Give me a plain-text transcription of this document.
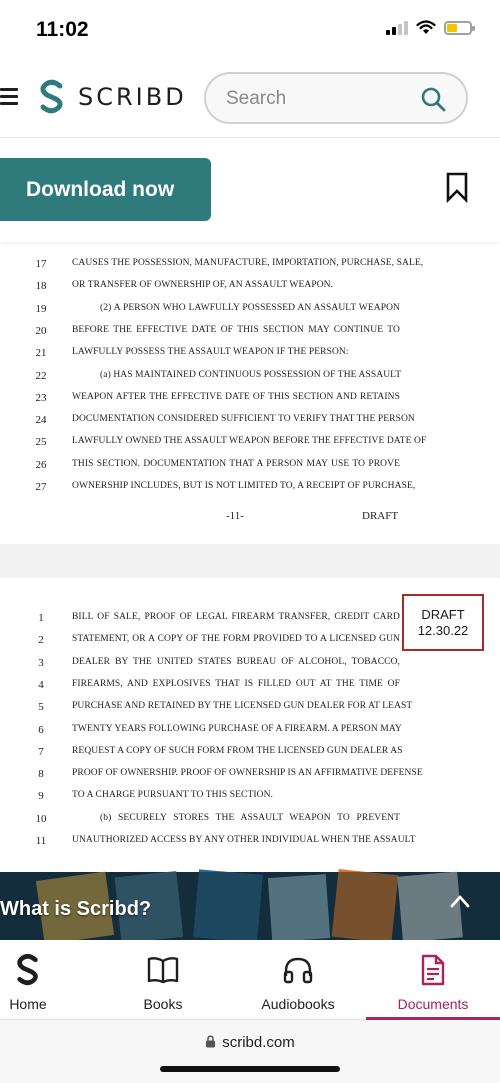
11:02
SCRIBD Search
Download now
17	CAUSES THE POSSESSION, MANUFACTURE, IMPORTATION, PURCHASE, SALE,
18	OR TRANSFER OF OWNERSHIP OF, AN ASSAULT WEAPON.
19	(2) A PERSON WHO LAWFULLY POSSESSED AN ASSAULT WEAPON
20	BEFORE THE EFFECTIVE DATE OF THIS SECTION MAY CONTINUE TO
21	LAWFULLY POSSESS THE ASSAULT WEAPON IF THE PERSON:
22	(a) HAS MAINTAINED CONTINUOUS POSSESSION OF THE ASSAULT
23	WEAPON AFTER THE EFFECTIVE DATE OF THIS SECTION AND RETAINS
24	DOCUMENTATION CONSIDERED SUFFICIENT TO VERIFY THAT THE PERSON
25	LAWFULLY OWNED THE ASSAULT WEAPON BEFORE THE EFFECTIVE DATE OF
26	THIS SECTION. DOCUMENTATION THAT A PERSON MAY USE TO PROVE
27	OWNERSHIP INCLUDES, BUT IS NOT LIMITED TO, A RECEIPT OF PURCHASE,
-11-	DRAFT
DRAFT
12.30.22
1	BILL OF SALE, PROOF OF LEGAL FIREARM TRANSFER, CREDIT CARD
2	STATEMENT, OR A COPY OF THE FORM PROVIDED TO A LICENSED GUN
3	DEALER BY THE UNITED STATES BUREAU OF ALCOHOL, TOBACCO,
4	FIREARMS, AND EXPLOSIVES THAT IS FILLED OUT AT THE TIME OF
5	PURCHASE AND RETAINED BY THE LICENSED GUN DEALER FOR AT LEAST
6	TWENTY YEARS FOLLOWING PURCHASE OF A FIREARM. A PERSON MAY
7	REQUEST A COPY OF SUCH FORM FROM THE LICENSED GUN DEALER AS
8	PROOF OF OWNERSHIP. PROOF OF OWNERSHIP IS AN AFFIRMATIVE DEFENSE
9	TO A CHARGE PURSUANT TO THIS SECTION.
10	(b) SECURELY STORES THE ASSAULT WEAPON TO PREVENT
11	UNAUTHORIZED ACCESS BY ANY OTHER INDIVIDUAL WHEN THE ASSAULT
What is Scribd?
Home	Books	Audiobooks	Documents
scribd.com
